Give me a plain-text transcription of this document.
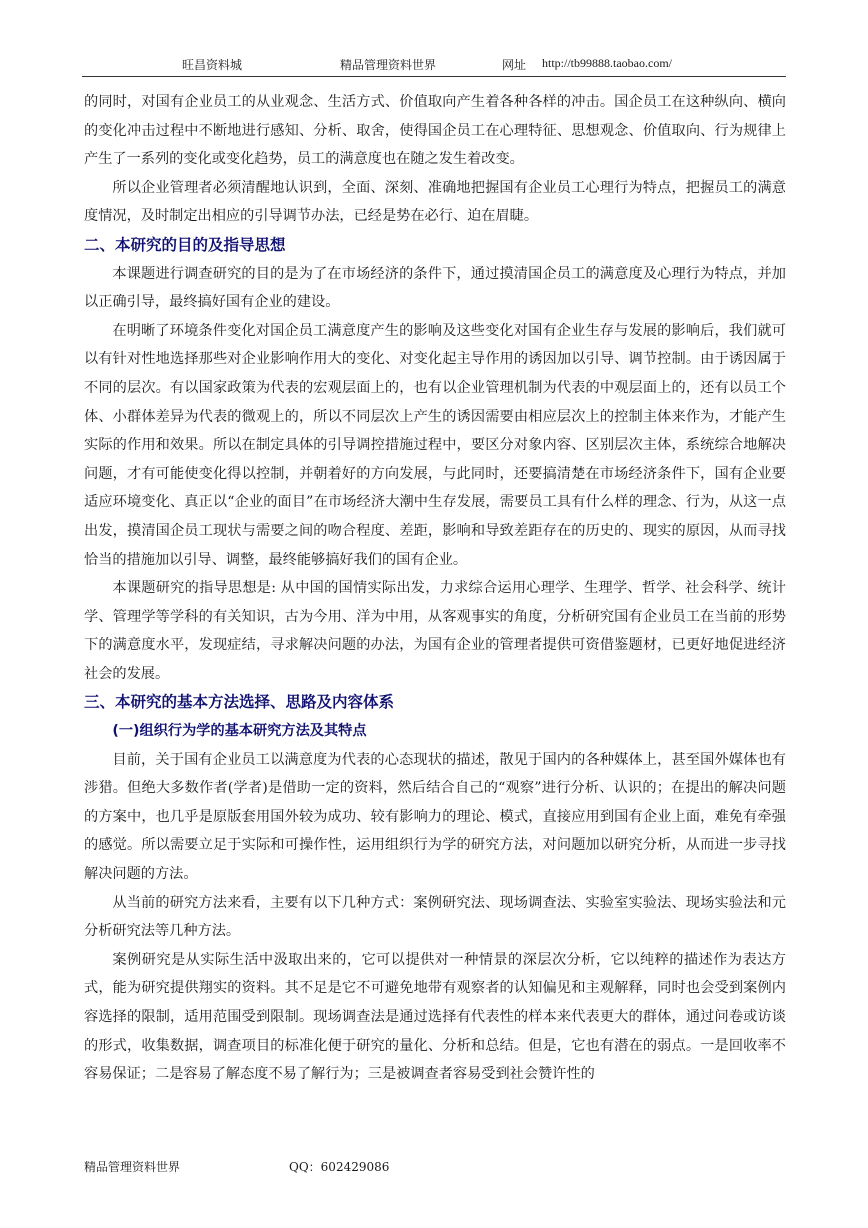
旺昌资料城	精品管理资料世界	网址 http://tb99888.taobao.com/

的同时，对国有企业员工的从业观念、生活方式、价值取向产生着各种各样的冲击。国企员工在这种纵向、横向的变化冲击过程中不断地进行感知、分析、取舍，使得国企员工在心理特征、思想观念、价值取向、行为规律上产生了一系列的变化或变化趋势，员工的满意度也在随之发生着改变。

所以企业管理者必须清醒地认识到，全面、深刻、准确地把握国有企业员工心理行为特点，把握员工的满意度情况，及时制定出相应的引导调节办法，已经是势在必行、迫在眉睫。

二、本研究的目的及指导思想

本课题进行调查研究的目的是为了在市场经济的条件下，通过摸清国企员工的满意度及心理行为特点，并加以正确引导，最终搞好国有企业的建设。

在明晰了环境条件变化对国企员工满意度产生的影响及这些变化对国有企业生存与发展的影响后，我们就可以有针对性地选择那些对企业影响作用大的变化、对变化起主导作用的诱因加以引导、调节控制。由于诱因属于不同的层次。有以国家政策为代表的宏观层面上的，也有以企业管理机制为代表的中观层面上的，还有以员工个体、小群体差异为代表的微观上的，所以不同层次上产生的诱因需要由相应层次上的控制主体来作为，才能产生实际的作用和效果。所以在制定具体的引导调控措施过程中，要区分对象内容、区别层次主体，系统综合地解决问题，才有可能使变化得以控制，并朝着好的方向发展，与此同时，还要搞清楚在市场经济条件下，国有企业要适应环境变化、真正以“企业的面目”在市场经济大潮中生存发展，需要员工具有什么样的理念、行为，从这一点出发，摸清国企员工现状与需要之间的吻合程度、差距，影响和导致差距存在的历史的、现实的原因，从而寻找恰当的措施加以引导、调整，最终能够搞好我们的国有企业。

本课题研究的指导思想是: 从中国的国情实际出发，力求综合运用心理学、生理学、哲学、社会科学、统计学、管理学等学科的有关知识，古为今用、洋为中用，从客观事实的角度，分析研究国有企业员工在当前的形势下的满意度水平，发现症结，寻求解决问题的办法，为国有企业的管理者提供可资借鉴题材，已更好地促进经济社会的发展。

三、本研究的基本方法选择、思路及内容体系
(一)组织行为学的基本研究方法及其特点

目前，关于国有企业员工以满意度为代表的心态现状的描述，散见于国内的各种媒体上，甚至国外媒体也有涉猎。但绝大多数作者(学者)是借助一定的资料，然后结合自己的“观察”进行分析、认识的；在提出的解决问题的方案中，也几乎是原版套用国外较为成功、较有影响力的理论、模式，直接应用到国有企业上面，难免有牵强的感觉。所以需要立足于实际和可操作性，运用组织行为学的研究方法，对问题加以研究分析，从而进一步寻找解决问题的方法。

从当前的研究方法来看，主要有以下几种方式：案例研究法、现场调查法、实验室实验法、现场实验法和元分析研究法等几种方法。

案例研究是从实际生活中汲取出来的，它可以提供对一种情景的深层次分析，它以纯粹的描述作为表达方式，能为研究提供翔实的资料。其不足是它不可避免地带有观察者的认知偏见和主观解释，同时也会受到案例内容选择的限制，适用范围受到限制。现场调查法是通过选择有代表性的样本来代表更大的群体，通过问卷或访谈的形式，收集数据，调查项目的标准化便于研究的量化、分析和总结。但是，它也有潜在的弱点。一是回收率不容易保证；二是容易了解态度不易了解行为；三是被调查者容易受到社会赞许性的

精品管理资料世界	QQ：602429086
